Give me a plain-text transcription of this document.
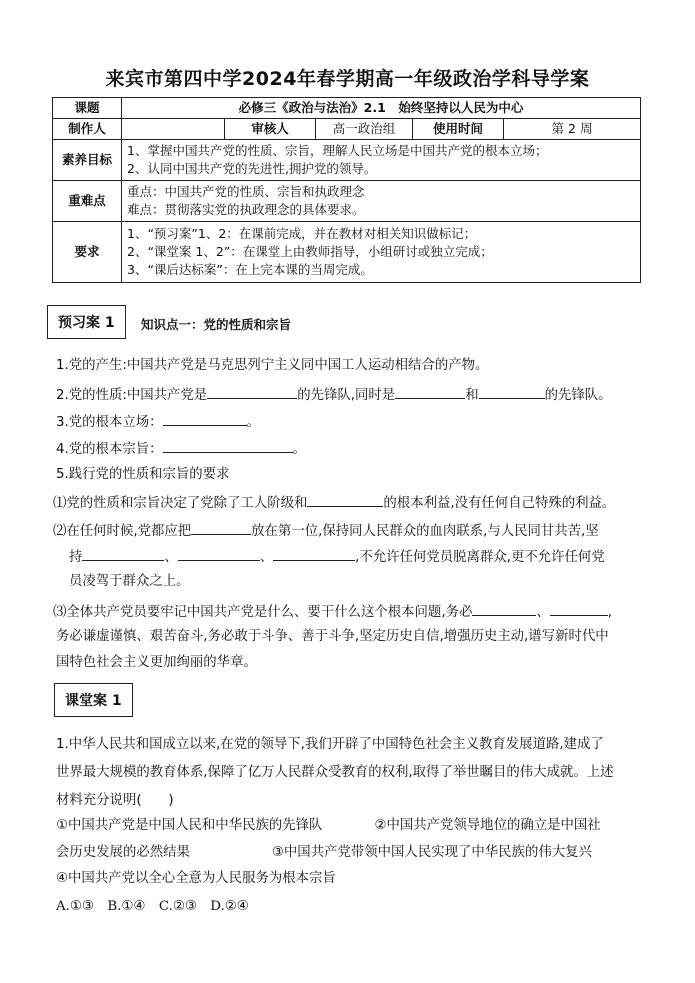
来宾市第四中学2024年春学期高一年级政治学科导学案
课题	必修三《政治与法治》2.1　始终坚持以人民为中心				
制作人		审核人	高一政治组	使用时间	第 2 周
素养目标	1、掌握中国共产党的性质、宗旨，理解人民立场是中国共产党的根本立场；
2、认同中国共产党的先进性,拥护党的领导。				

重难点	重点：中国共产党的性质、宗旨和执政理念
难点：贯彻落实党的执政理念的具体要求。				

要求	1、“预习案”1、2：在课前完成，并在教材对相关知识做标记；
2、“课堂案 1、2”：在课堂上由教师指导，小组研讨或独立完成；
3、“课后达标案”：在上完本课的当周完成。				
预习案 1	知识点一：党的性质和宗旨
1.党的产生:中国共产党是马克思列宁主义同中国工人运动相结合的产物。
2.党的性质:中国共产党是	的先锋队,同时是	和	的先锋队。
3.党的根本立场：	。
4.党的根本宗旨：	。
5.践行党的性质和宗旨的要求
⑴党的性质和宗旨决定了党除了工人阶级和	的根本利益,没有任何自己特殊的利益。
⑵在任何时候,党都应把	放在第一位,保持同人民群众的血肉联系,与人民同甘共苦,坚
持	、	、	,不允许任何党员脱离群众,更不允许任何党
员凌驾于群众之上。
⑶全体共产党员要牢记中国共产党是什么、要干什么这个根本问题,务必	、	,
务必谦虚谨慎、艰苦奋斗,务必敢于斗争、善于斗争,坚定历史自信,增强历史主动,谱写新时代中
国特色社会主义更加绚丽的华章。
课堂案 1
1.中华人民共和国成立以来,在党的领导下,我们开辟了中国特色社会主义教育发展道路,建成了
世界最大规模的教育体系,保障了亿万人民群众受教育的权利,取得了举世瞩目的伟大成就。上述
材料充分说明(　　)
①中国共产党是中国人民和中华民族的先锋队	②中国共产党领导地位的确立是中国社
会历史发展的必然结果	③中国共产党带领中国人民实现了中华民族的伟大复兴
④中国共产党以全心全意为人民服务为根本宗旨
A.①③　B.①④　C.②③　D.②④
